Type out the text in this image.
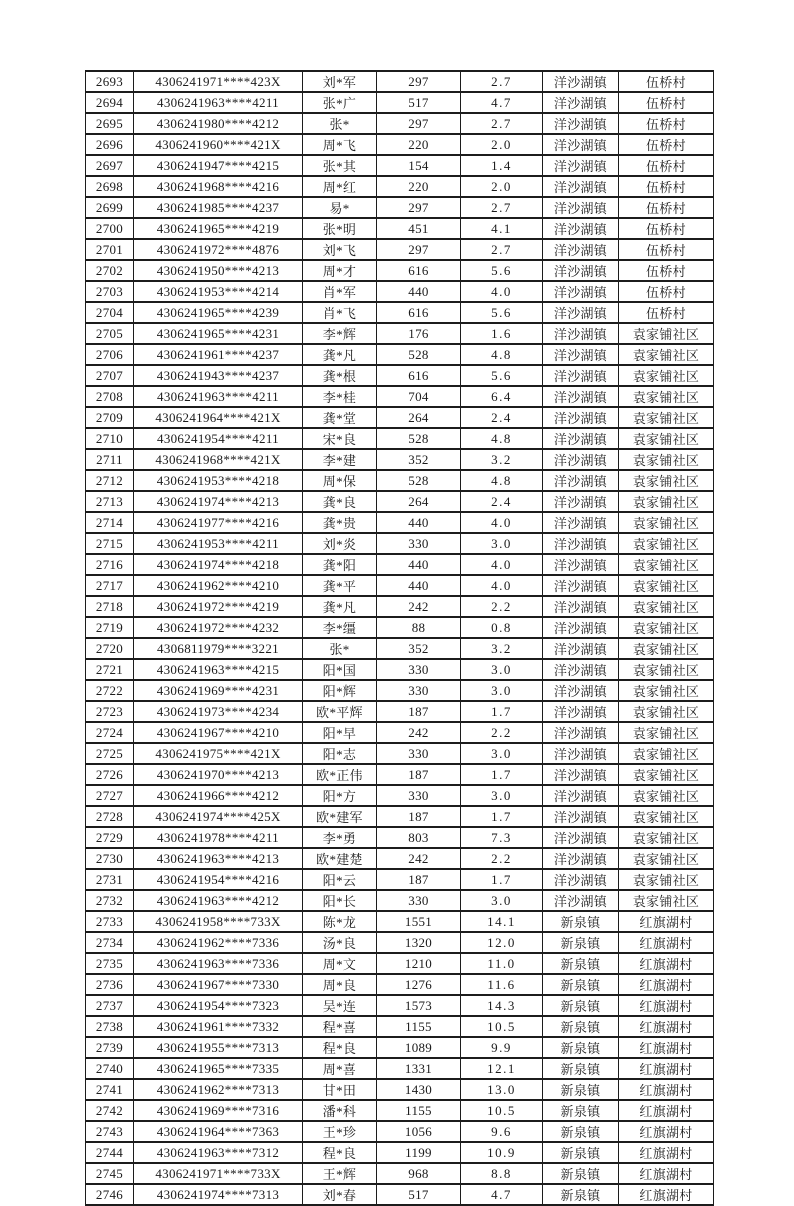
2693	4306241971****423X	刘*军	297	2.7	洋沙湖镇	伍桥村
2694	4306241963****4211	张*广	517	4.7	洋沙湖镇	伍桥村
2695	4306241980****4212	张*	297	2.7	洋沙湖镇	伍桥村
2696	4306241960****421X	周*飞	220	2.0	洋沙湖镇	伍桥村
2697	4306241947****4215	张*其	154	1.4	洋沙湖镇	伍桥村
2698	4306241968****4216	周*红	220	2.0	洋沙湖镇	伍桥村
2699	4306241985****4237	易*	297	2.7	洋沙湖镇	伍桥村
2700	4306241965****4219	张*明	451	4.1	洋沙湖镇	伍桥村
2701	4306241972****4876	刘*飞	297	2.7	洋沙湖镇	伍桥村
2702	4306241950****4213	周*才	616	5.6	洋沙湖镇	伍桥村
2703	4306241953****4214	肖*军	440	4.0	洋沙湖镇	伍桥村
2704	4306241965****4239	肖*飞	616	5.6	洋沙湖镇	伍桥村
2705	4306241965****4231	李*辉	176	1.6	洋沙湖镇	袁家铺社区
2706	4306241961****4237	龚*凡	528	4.8	洋沙湖镇	袁家铺社区
2707	4306241943****4237	龚*根	616	5.6	洋沙湖镇	袁家铺社区
2708	4306241963****4211	李*桂	704	6.4	洋沙湖镇	袁家铺社区
2709	4306241964****421X	龚*堂	264	2.4	洋沙湖镇	袁家铺社区
2710	4306241954****4211	宋*良	528	4.8	洋沙湖镇	袁家铺社区
2711	4306241968****421X	李*建	352	3.2	洋沙湖镇	袁家铺社区
2712	4306241953****4218	周*保	528	4.8	洋沙湖镇	袁家铺社区
2713	4306241974****4213	龚*良	264	2.4	洋沙湖镇	袁家铺社区
2714	4306241977****4216	龚*贵	440	4.0	洋沙湖镇	袁家铺社区
2715	4306241953****4211	刘*炎	330	3.0	洋沙湖镇	袁家铺社区
2716	4306241974****4218	龚*阳	440	4.0	洋沙湖镇	袁家铺社区
2717	4306241962****4210	龚*平	440	4.0	洋沙湖镇	袁家铺社区
2718	4306241972****4219	龚*凡	242	2.2	洋沙湖镇	袁家铺社区
2719	4306241972****4232	李*缰	88	0.8	洋沙湖镇	袁家铺社区
2720	4306811979****3221	张*	352	3.2	洋沙湖镇	袁家铺社区
2721	4306241963****4215	阳*国	330	3.0	洋沙湖镇	袁家铺社区
2722	4306241969****4231	阳*辉	330	3.0	洋沙湖镇	袁家铺社区
2723	4306241973****4234	欧*平辉	187	1.7	洋沙湖镇	袁家铺社区
2724	4306241967****4210	阳*早	242	2.2	洋沙湖镇	袁家铺社区
2725	4306241975****421X	阳*志	330	3.0	洋沙湖镇	袁家铺社区
2726	4306241970****4213	欧*正伟	187	1.7	洋沙湖镇	袁家铺社区
2727	4306241966****4212	阳*方	330	3.0	洋沙湖镇	袁家铺社区
2728	4306241974****425X	欧*建军	187	1.7	洋沙湖镇	袁家铺社区
2729	4306241978****4211	李*勇	803	7.3	洋沙湖镇	袁家铺社区
2730	4306241963****4213	欧*建楚	242	2.2	洋沙湖镇	袁家铺社区
2731	4306241954****4216	阳*云	187	1.7	洋沙湖镇	袁家铺社区
2732	4306241963****4212	阳*长	330	3.0	洋沙湖镇	袁家铺社区
2733	4306241958****733X	陈*龙	1551	14.1	新泉镇	红旗湖村
2734	4306241962****7336	汤*良	1320	12.0	新泉镇	红旗湖村
2735	4306241963****7336	周*文	1210	11.0	新泉镇	红旗湖村
2736	4306241967****7330	周*良	1276	11.6	新泉镇	红旗湖村
2737	4306241954****7323	吴*连	1573	14.3	新泉镇	红旗湖村
2738	4306241961****7332	程*喜	1155	10.5	新泉镇	红旗湖村
2739	4306241955****7313	程*良	1089	9.9	新泉镇	红旗湖村
2740	4306241965****7335	周*喜	1331	12.1	新泉镇	红旗湖村
2741	4306241962****7313	甘*田	1430	13.0	新泉镇	红旗湖村
2742	4306241969****7316	潘*科	1155	10.5	新泉镇	红旗湖村
2743	4306241964****7363	王*珍	1056	9.6	新泉镇	红旗湖村
2744	4306241963****7312	程*良	1199	10.9	新泉镇	红旗湖村
2745	4306241971****733X	王*辉	968	8.8	新泉镇	红旗湖村
2746	4306241974****7313	刘*春	517	4.7	新泉镇	红旗湖村
